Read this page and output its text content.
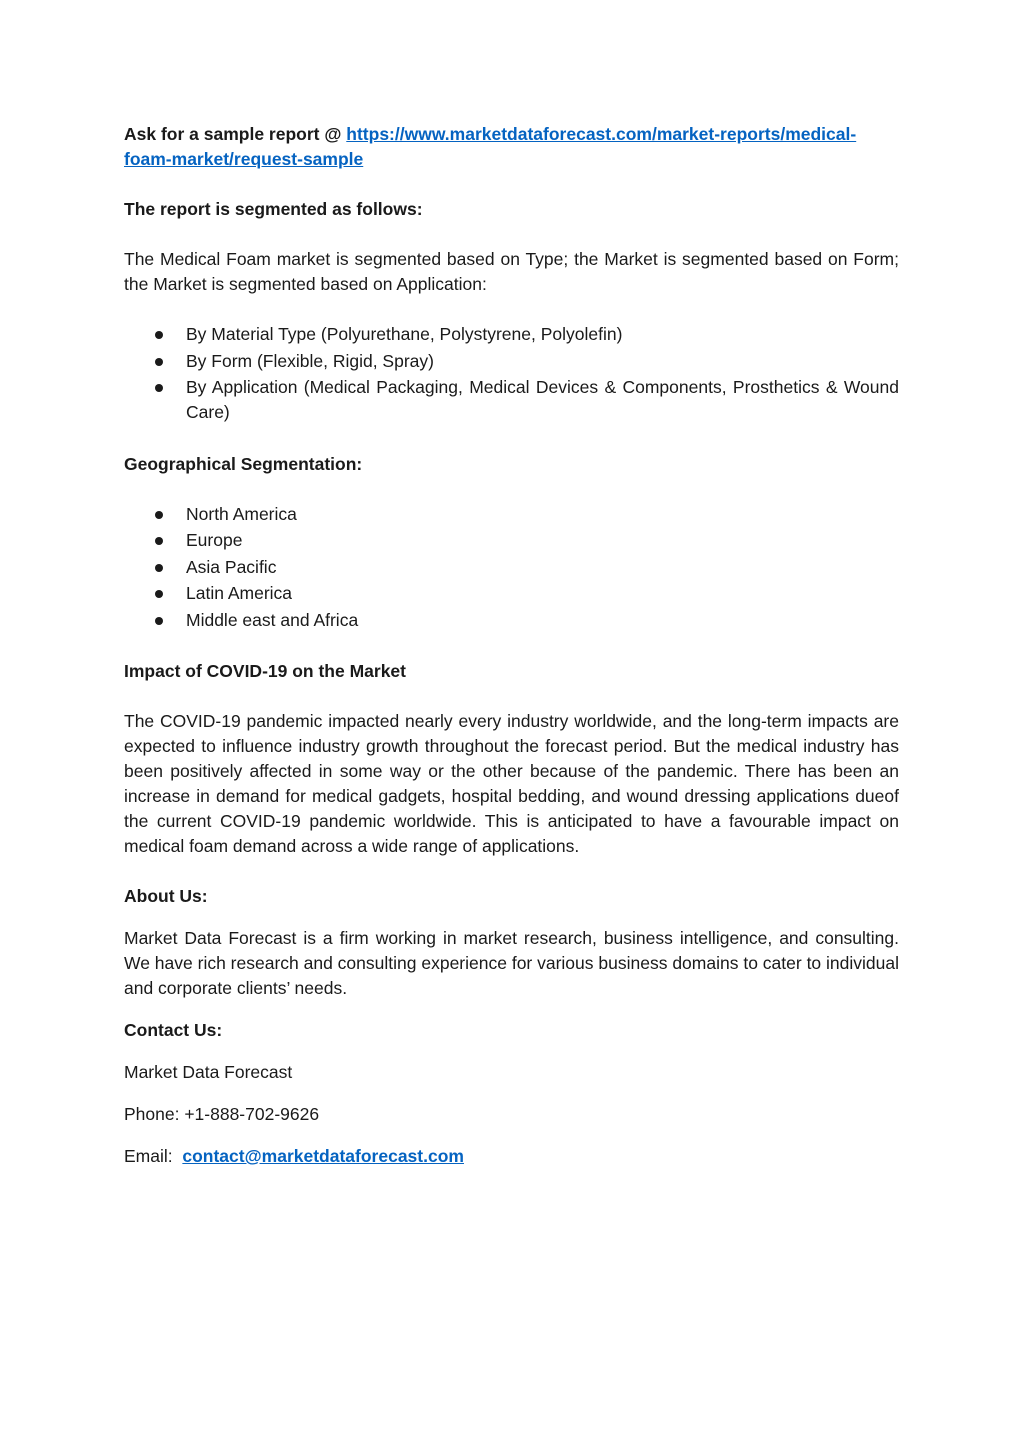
Ask for a sample report @ https://www.marketdataforecast.com/market-reports/medical-foam-market/request-sample

The report is segmented as follows:

The Medical Foam market is segmented based on Type; the Market is segmented based on Form; the Market is segmented based on Application:

By Material Type (Polyurethane, Polystyrene, Polyolefin)
By Form (Flexible, Rigid, Spray)
By Application (Medical Packaging, Medical Devices & Components, Prosthetics & Wound Care)

Geographical Segmentation:

North America
Europe
Asia Pacific
Latin America
Middle east and Africa

Impact of COVID-19 on the Market

The COVID-19 pandemic impacted nearly every industry worldwide, and the long-term impacts are expected to influence industry growth throughout the forecast period. But the medical industry has been positively affected in some way or the other because of the pandemic. There has been an increase in demand for medical gadgets, hospital bedding, and wound dressing applications dueof the current COVID-19 pandemic worldwide. This is anticipated to have a favourable impact on medical foam demand across a wide range of applications.

About Us:

Market Data Forecast is a firm working in market research, business intelligence, and consulting. We have rich research and consulting experience for various business domains to cater to individual and corporate clients’ needs.

Contact Us:

Market Data Forecast

Phone: +1-888-702-9626

Email:  contact@marketdataforecast.com
